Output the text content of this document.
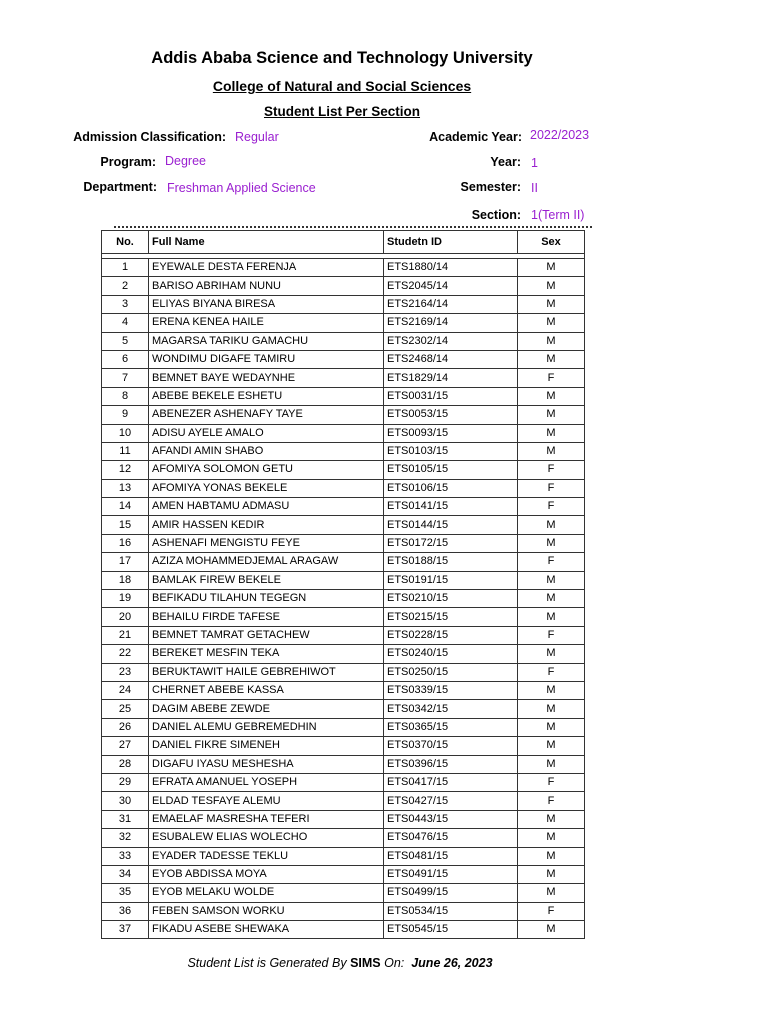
Addis Ababa Science and Technology University
College of Natural and Social Sciences
Student List Per Section
Admission Classification: Regular
Program: Degree
Department: Freshman Applied Science
Academic Year: 2022/2023
Year: 1
Semester: II
Section: 1(Term II)
No.	Full Name	Studetn ID	Sex

1	EYEWALE DESTA FERENJA	ETS1880/14	M
2	BARISO ABRIHAM NUNU	ETS2045/14	M
3	ELIYAS BIYANA BIRESA	ETS2164/14	M
4	ERENA KENEA HAILE	ETS2169/14	M
5	MAGARSA TARIKU GAMACHU	ETS2302/14	M
6	WONDIMU DIGAFE TAMIRU	ETS2468/14	M
7	BEMNET BAYE WEDAYNHE	ETS1829/14	F
8	ABEBE BEKELE ESHETU	ETS0031/15	M
9	ABENEZER ASHENAFY TAYE	ETS0053/15	M
10	ADISU AYELE AMALO	ETS0093/15	M
11	AFANDI AMIN SHABO	ETS0103/15	M
12	AFOMIYA SOLOMON GETU	ETS0105/15	F
13	AFOMIYA YONAS BEKELE	ETS0106/15	F
14	AMEN HABTAMU ADMASU	ETS0141/15	F
15	AMIR HASSEN KEDIR	ETS0144/15	M
16	ASHENAFI MENGISTU FEYE	ETS0172/15	M
17	AZIZA MOHAMMEDJEMAL ARAGAW	ETS0188/15	F
18	BAMLAK FIREW BEKELE	ETS0191/15	M
19	BEFIKADU TILAHUN TEGEGN	ETS0210/15	M
20	BEHAILU FIRDE TAFESE	ETS0215/15	M
21	BEMNET TAMRAT GETACHEW	ETS0228/15	F
22	BEREKET MESFIN TEKA	ETS0240/15	M
23	BERUKTAWIT HAILE GEBREHIWOT	ETS0250/15	F
24	CHERNET ABEBE KASSA	ETS0339/15	M
25	DAGIM ABEBE ZEWDE	ETS0342/15	M
26	DANIEL ALEMU GEBREMEDHIN	ETS0365/15	M
27	DANIEL FIKRE SIMENEH	ETS0370/15	M
28	DIGAFU IYASU MESHESHA	ETS0396/15	M
29	EFRATA AMANUEL YOSEPH	ETS0417/15	F
30	ELDAD TESFAYE ALEMU	ETS0427/15	F
31	EMAELAF MASRESHA TEFERI	ETS0443/15	M
32	ESUBALEW ELIAS WOLECHO	ETS0476/15	M
33	EYADER TADESSE TEKLU	ETS0481/15	M
34	EYOB ABDISSA MOYA	ETS0491/15	M
35	EYOB MELAKU WOLDE	ETS0499/15	M
36	FEBEN SAMSON WORKU	ETS0534/15	F
37	FIKADU ASEBE SHEWAKA	ETS0545/15	M
Student List is Generated By SIMS On: June 26, 2023
